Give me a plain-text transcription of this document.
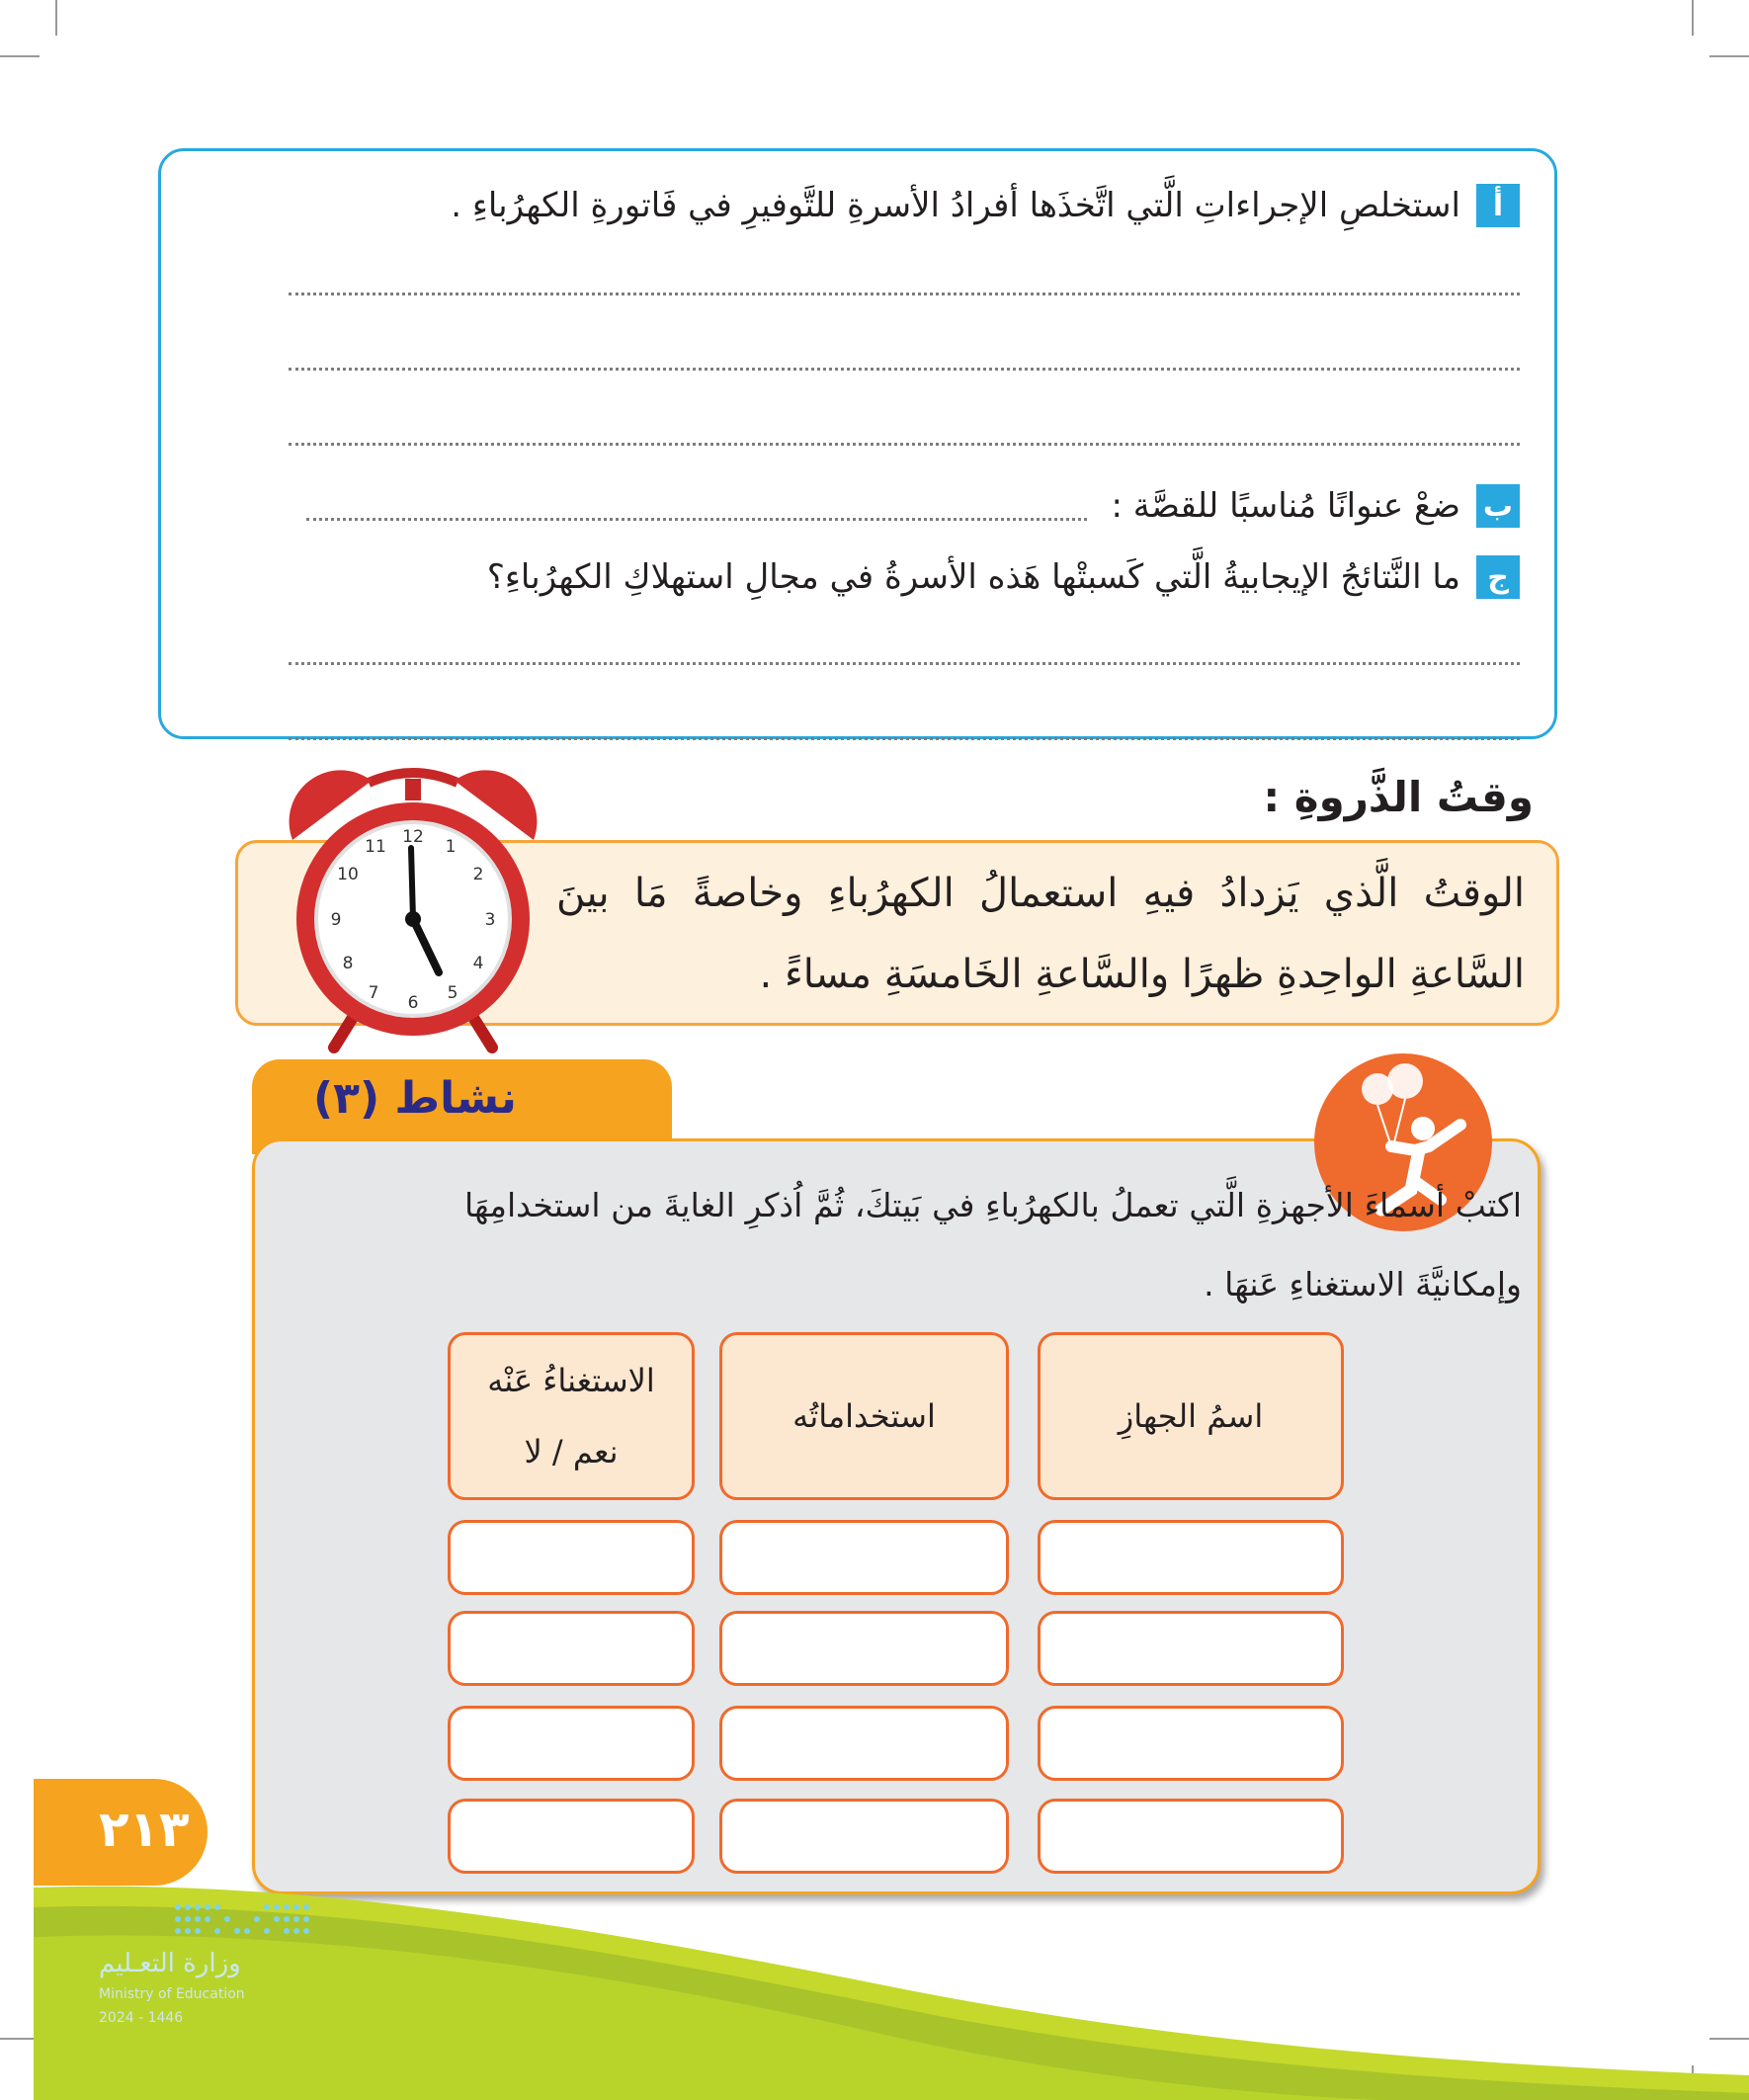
أ
استخلصِ الإجراءاتِ الَّتي اتَّخذَها أفرادُ الأسرةِ للتَّوفيرِ في فَاتورةِ الكهرُباءِ .
ب
ضعْ عنوانًا مُناسبًا للقصَّة :
ج
ما النَّتائجُ الإيجابيةُ الَّتي كَسبتْها هَذه الأسرةُ في مجالِ استهلاكِ الكهرُباءِ؟
وقتُ الذَّروةِ :
الوقتُ الَّذي يَزدادُ فيهِ استعمالُ الكهرُباءِ وخاصةً مَا بينَ السَّاعةِ الواحِدةِ ظهرًا والسَّاعةِ الخَامسَةِ مساءً .
12 1
2
3
4
5
6
7
8
9
10
11
نشاط (٣)
اكتبْ أسماءَ الأجهزةِ الَّتي تعملُ بالكهرُباءِ في بَيتكَ، ثُمَّ اُذكرِ الغايةَ من استخدامِهَا وإمكانيَّةَ الاستغناءِ عَنهَا .
اسمُ الجهازِ
استخداماتُه
الاستغناءُ عَنْه
نعم / لا
٢١٣
وزارة التعـليم
Ministry of Education
2024 - 1446
